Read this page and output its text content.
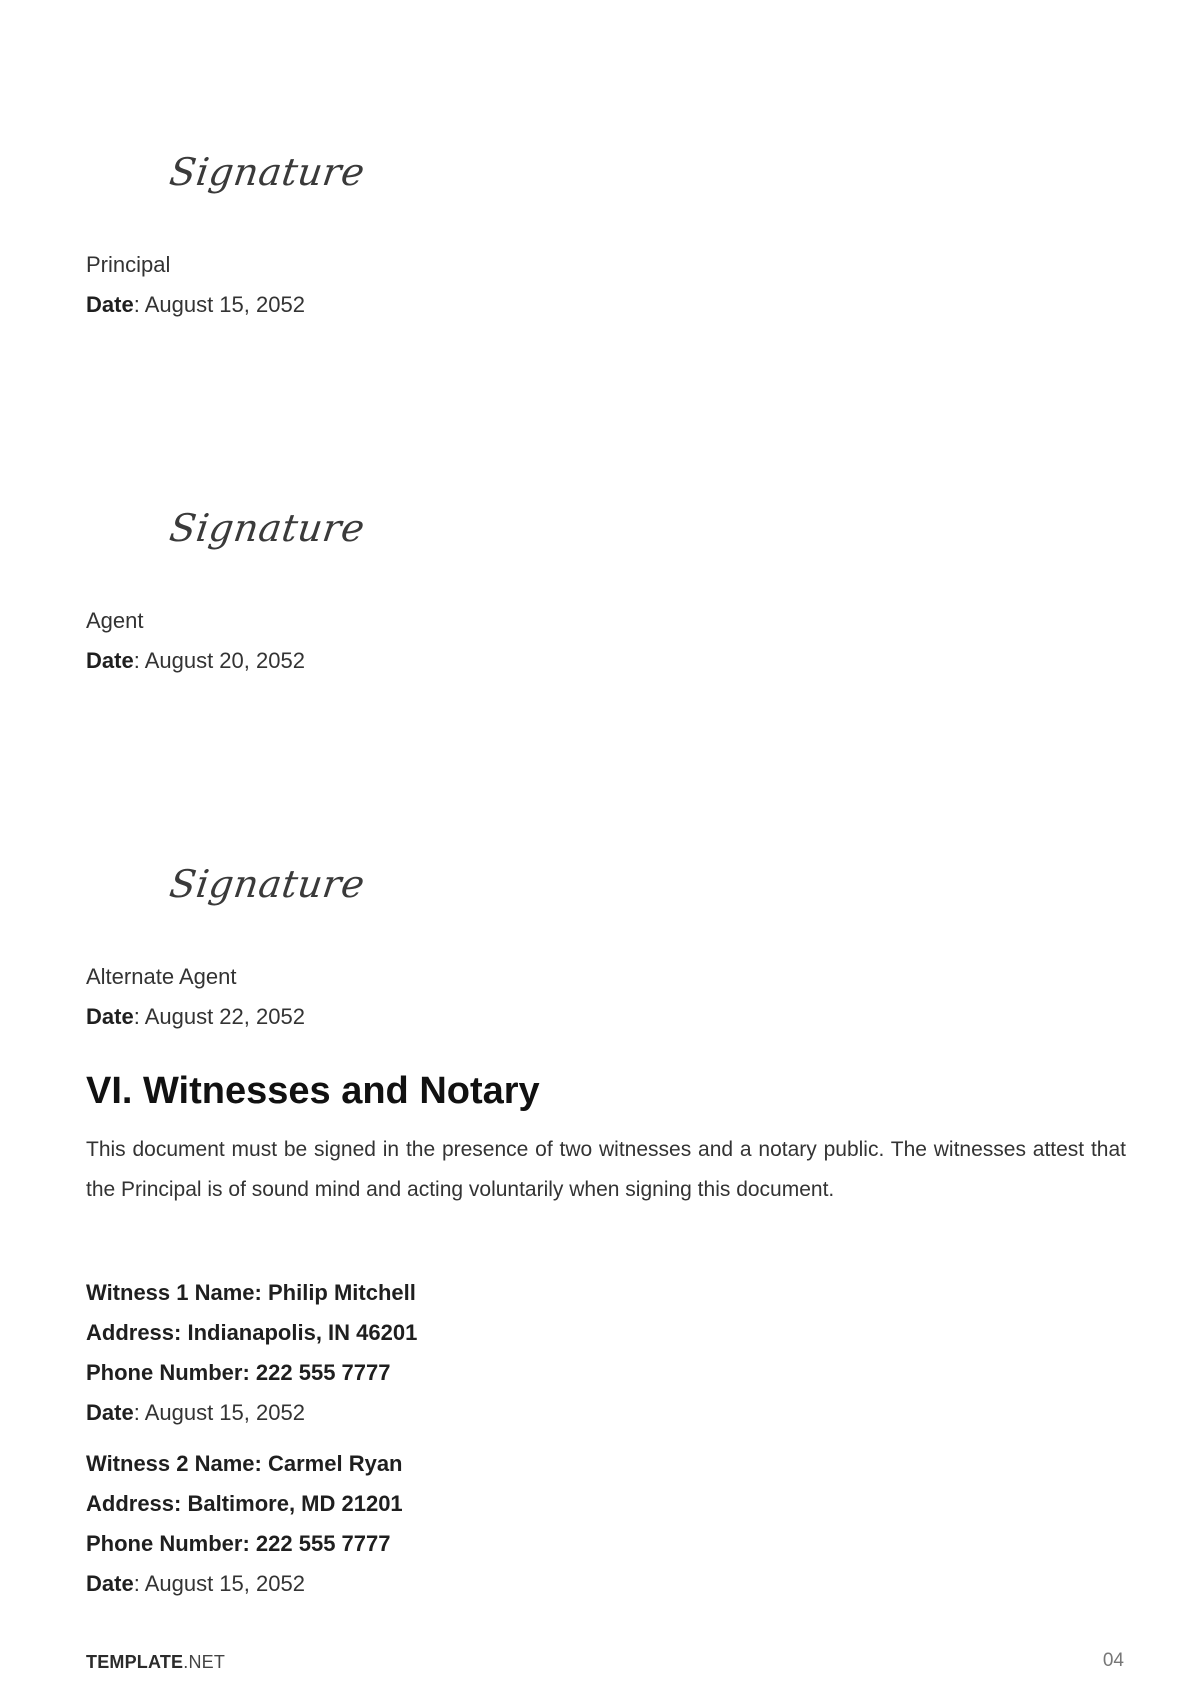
Signature
Principal
Date: August 15, 2052
Signature
Agent
Date: August 20, 2052
Signature
Alternate Agent
Date: August 22, 2052
VI. Witnesses and Notary
This document must be signed in the presence of two witnesses and a notary public. The witnesses attest that the Principal is of sound mind and acting voluntarily when signing this document.
Witness 1 Name: Philip Mitchell
Address: Indianapolis, IN 46201
Phone Number: 222 555 7777
Date: August 15, 2052
Witness 2 Name: Carmel Ryan
Address: Baltimore, MD 21201
Phone Number: 222 555 7777
Date: August 15, 2052
TEMPLATE.NET	04
